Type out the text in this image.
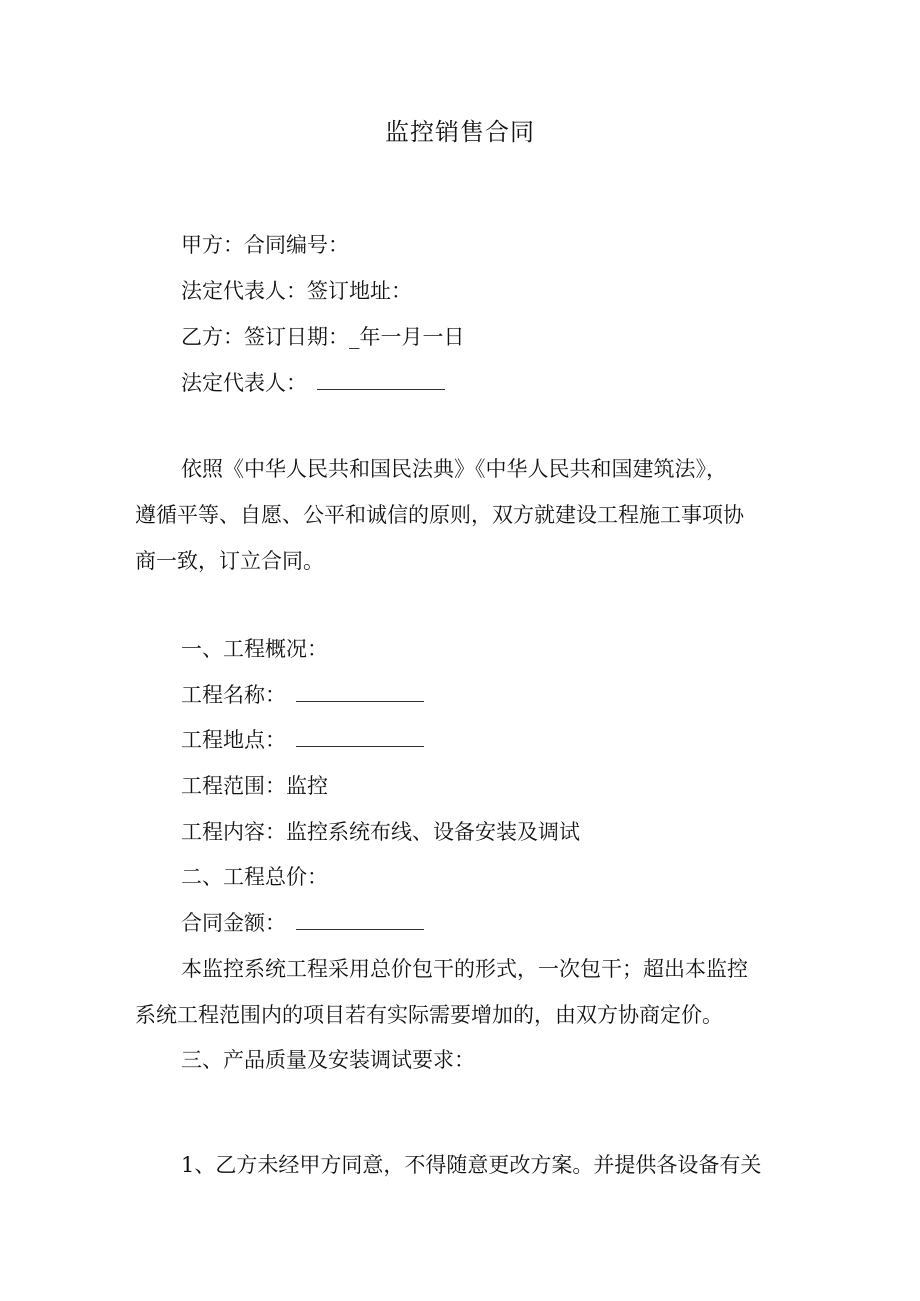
监控销售合同
甲方：合同编号：
法定代表人：签订地址：
乙方：签订日期：_年一月一日
法定代表人：
依照《中华人民共和国民法典》《中华人民共和国建筑法》，
遵循平等、自愿、公平和诚信的原则，双方就建设工程施工事项协
商一致，订立合同。
一、工程概况：
工程名称：
工程地点：
工程范围：监控
工程内容：监控系统布线、设备安装及调试
二、工程总价：
合同金额：
本监控系统工程采用总价包干的形式，一次包干；超出本监控
系统工程范围内的项目若有实际需要增加的，由双方协商定价。
三、产品质量及安装调试要求：
1、乙方未经甲方同意，不得随意更改方案。并提供各设备有关
